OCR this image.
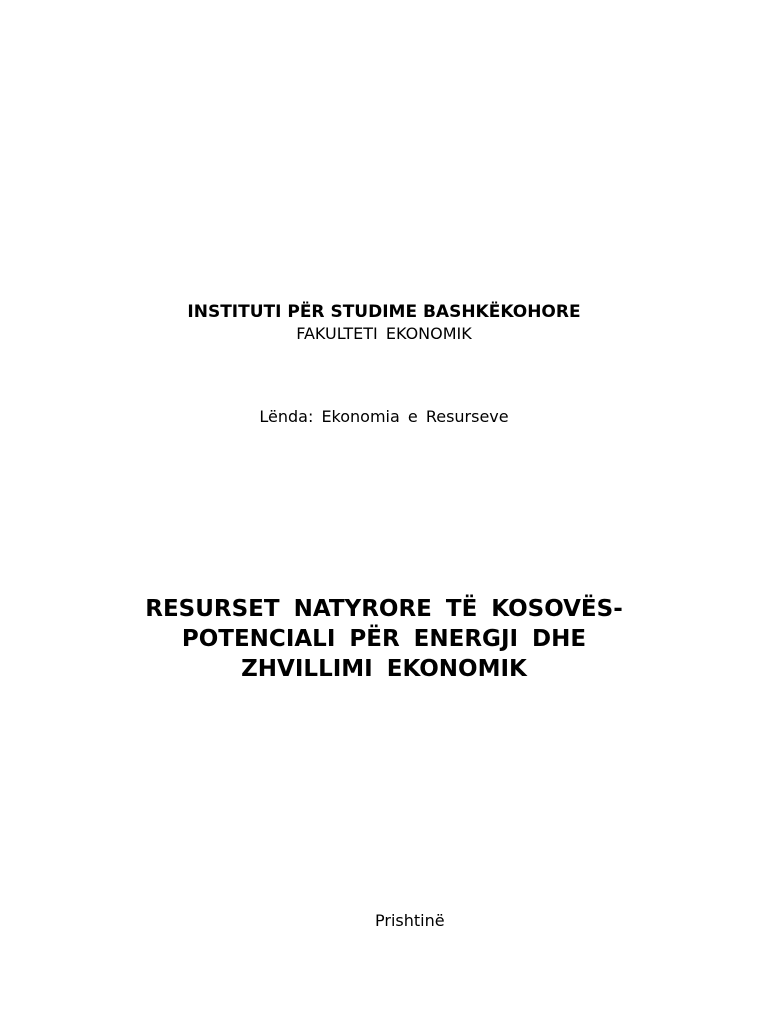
INSTITUTI PËR STUDIME BASHKËKOHORE

FAKULTETI EKONOMIK

Lënda: Ekonomia e Resurseve

RESURSET NATYRORE TË KOSOVËS-
POTENCIALI PËR ENERGJI DHE
ZHVILLIMI EKONOMIK

Prishtinë
